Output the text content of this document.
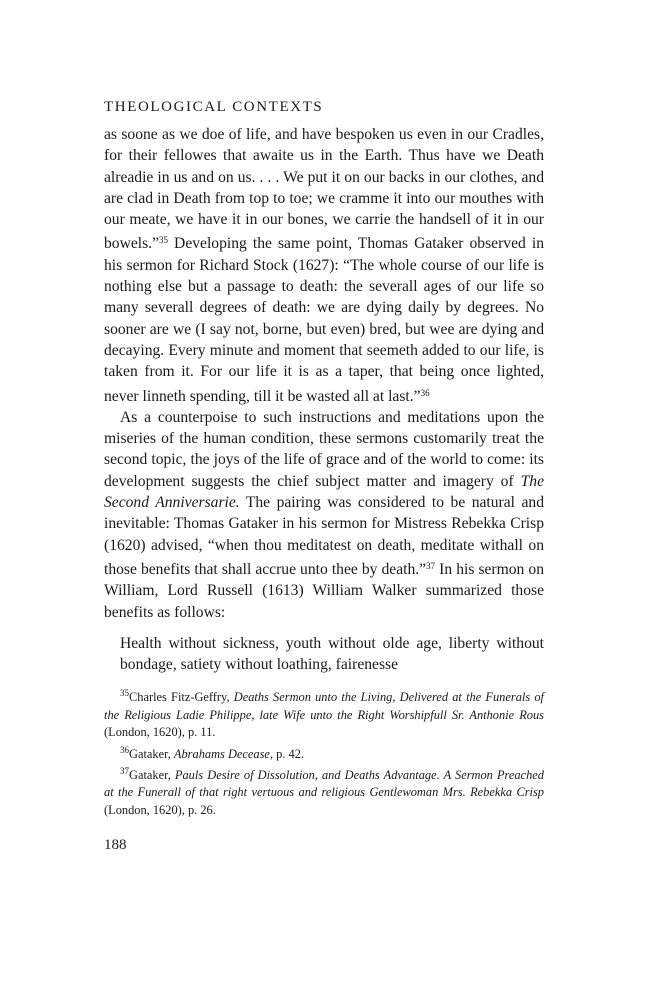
THEOLOGICAL CONTEXTS

as soone as we doe of life, and have bespoken us even in our Cradles, for their fellowes that awaite us in the Earth. Thus have we Death alreadie in us and on us. . . . We put it on our backs in our clothes, and are clad in Death from top to toe; we cramme it into our mouthes with our meate, we have it in our bones, we carrie the handsell of it in our bowels.”$^{35}$ Developing the same point, Thomas Gataker observed in his sermon for Richard Stock (1627): “The whole course of our life is nothing else but a passage to death: the severall ages of our life so many severall degrees of death: we are dying daily by degrees. No sooner are we (I say not, borne, but even) bred, but wee are dying and decaying. Every minute and moment that seemeth added to our life, is taken from it. For our life it is as a taper, that being once lighted, never linneth spending, till it be wasted all at last.”$^{36}$

As a counterpoise to such instructions and meditations upon the miseries of the human condition, these sermons customarily treat the second topic, the joys of the life of grace and of the world to come: its development suggests the chief subject matter and imagery of The Second Anniversarie. The pairing was considered to be natural and inevitable: Thomas Gataker in his sermon for Mistress Rebekka Crisp (1620) advised, “when thou meditatest on death, meditate withall on those benefits that shall accrue unto thee by death.”$^{37}$ In his sermon on William, Lord Russell (1613) William Walker summarized those benefits as follows:

Health without sickness, youth without olde age, liberty without bondage, satiety without loathing, fairenesse

$^{35}$Charles Fitz-Geffry, Deaths Sermon unto the Living, Delivered at the Funerals of the Religious Ladie Philippe, late Wife unto the Right Worshipfull Sr. Anthonie Rous (London, 1620), p. 11.

$^{36}$Gataker, Abrahams Decease, p. 42.

$^{37}$Gataker, Pauls Desire of Dissolution, and Deaths Advantage. A Sermon Preached at the Funerall of that right vertuous and religious Gentlewoman Mrs. Rebekka Crisp (London, 1620), p. 26.

188
